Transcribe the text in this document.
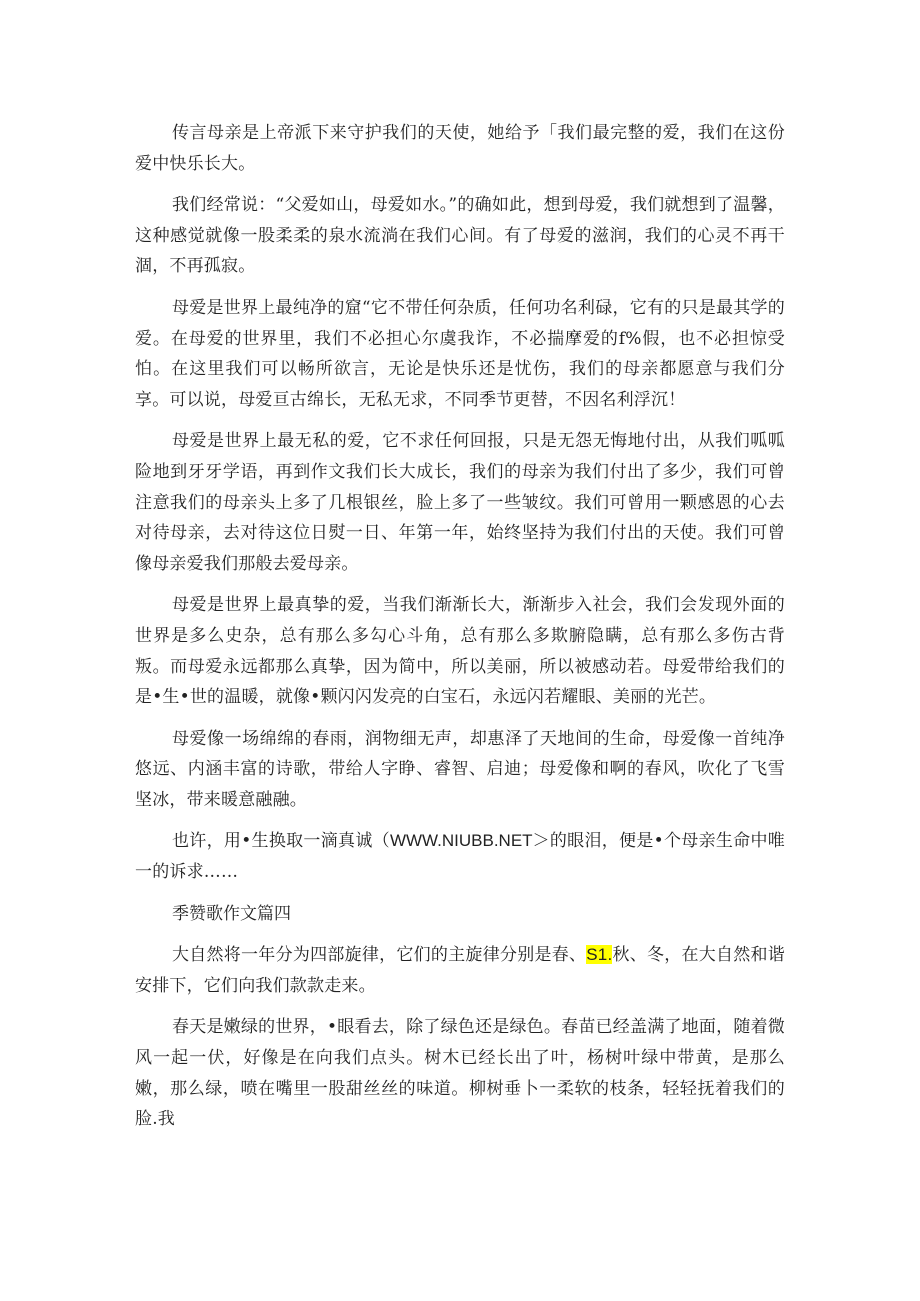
传言母亲是上帝派下来守护我们的天使，她给予「我们最完整的爱，我们在这份爱中快乐长大。

我们经常说：“父爱如山，母爱如水。”的确如此，想到母爱，我们就想到了温馨，这种感觉就像一股柔柔的泉水流淌在我们心间。有了母爱的滋润，我们的心灵不再干涸，不再孤寂。

母爱是世界上最纯净的窟“它不带任何杂质，任何功名利碌，它有的只是最其学的爱。在母爱的世界里，我们不必担心尔虞我诈，不必揣摩爱的f%假，也不必担惊受怕。在这里我们可以畅所欲言，无论是快乐还是忧伤，我们的母亲都愿意与我们分享。可以说，母爱亘古绵长，无私无求，不同季节更替，不因名利浮沉！

母爱是世界上最无私的爱，它不求任何回报，只是无怨无悔地付出，从我们呱呱险地到牙牙学语，再到作文我们长大成长，我们的母亲为我们付出了多少，我们可曾注意我们的母亲头上多了几根银丝，脸上多了一些皱纹。我们可曾用一颗感恩的心去对待母亲，去对待这位日熨一日、年第一年，始终坚持为我们付出的天使。我们可曾像母亲爱我们那般去爱母亲。

母爱是世界上最真挚的爱，当我们渐渐长大，渐渐步入社会，我们会发现外面的世界是多么史杂，总有那么多勾心斗角，总有那么多欺腑隐瞒，总有那么多伤古背叛。而母爱永远都那么真挚，因为简中，所以美丽，所以被感动若。母爱带给我们的是•生•世的温暖，就像•颗闪闪发亮的白宝石，永远闪若耀眼、美丽的光芒。

母爱像一场绵绵的春雨，润物细无声，却惠泽了天地间的生命，母爱像一首纯净悠远、内涵丰富的诗歌，带给人字睁、睿智、启迪；母爱像和啊的春风，吹化了飞雪坚冰，带来暖意融融。

也许，用•生换取一滴真诚（WWW.NIUBB.NET＞的眼泪，便是•个母亲生命中唯一的诉求……

季赞歌作文篇四

大自然将一年分为四部旋律，它们的主旋律分别是春、S1.秋、冬，在大自然和谐安排下，它们向我们款款走来。

春天是嫩绿的世界，•眼看去，除了绿色还是绿色。春苗已经盖满了地面，随着微风一起一伏，好像是在向我们点头。树木已经长出了叶，杨树叶绿中带黄，是那么嫩，那么绿，喷在嘴里一股甜丝丝的味道。柳树垂卜一柔软的枝条，轻轻抚着我们的脸.我
